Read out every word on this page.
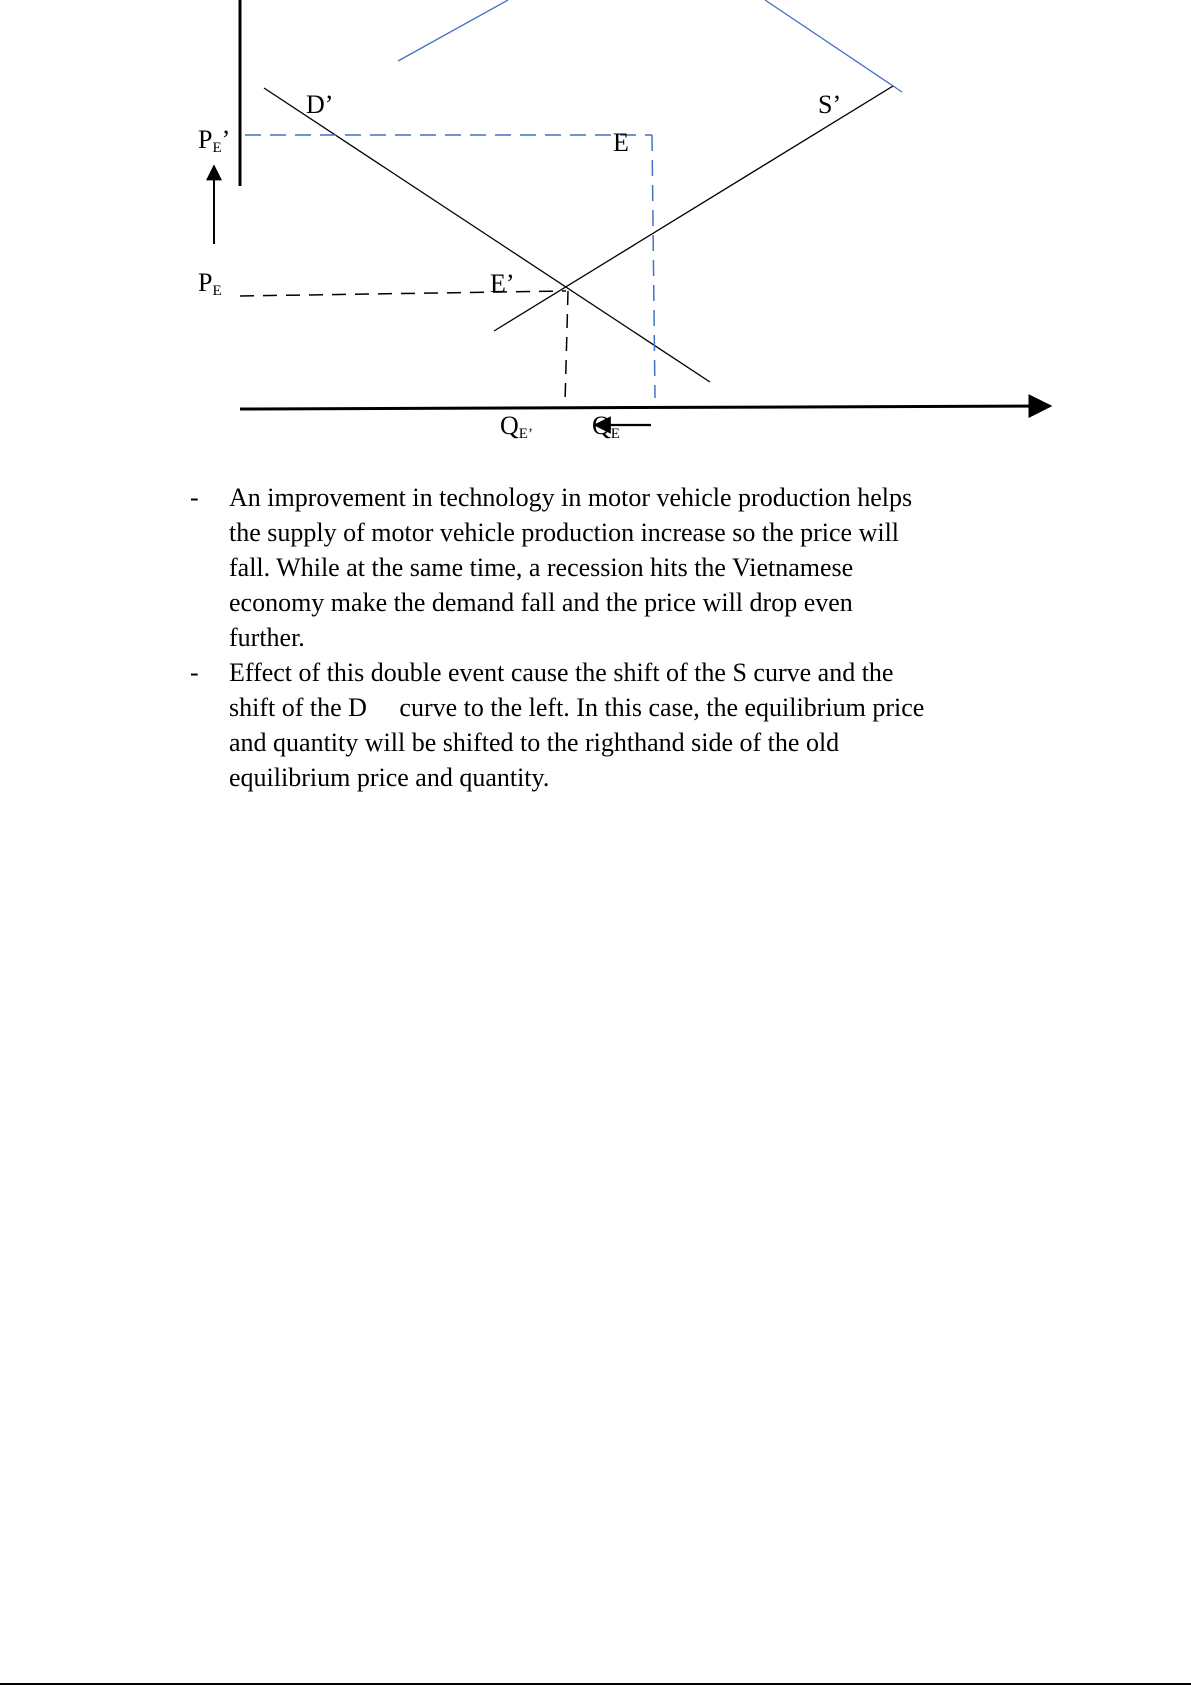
D’	S’
E
E’
PE’
PE
QE’ QE
- An improvement in technology in motor vehicle production helps the supply of motor vehicle production increase so the price will fall. While at the same time, a recession hits the Vietnamese economy make the demand fall and the price will drop even further.
- Effect of this double event cause the shift of the S curve and the shift of the D     curve to the left. In this case, the equilibrium price and quantity will be shifted to the righthand side of the old equilibrium price and quantity.
